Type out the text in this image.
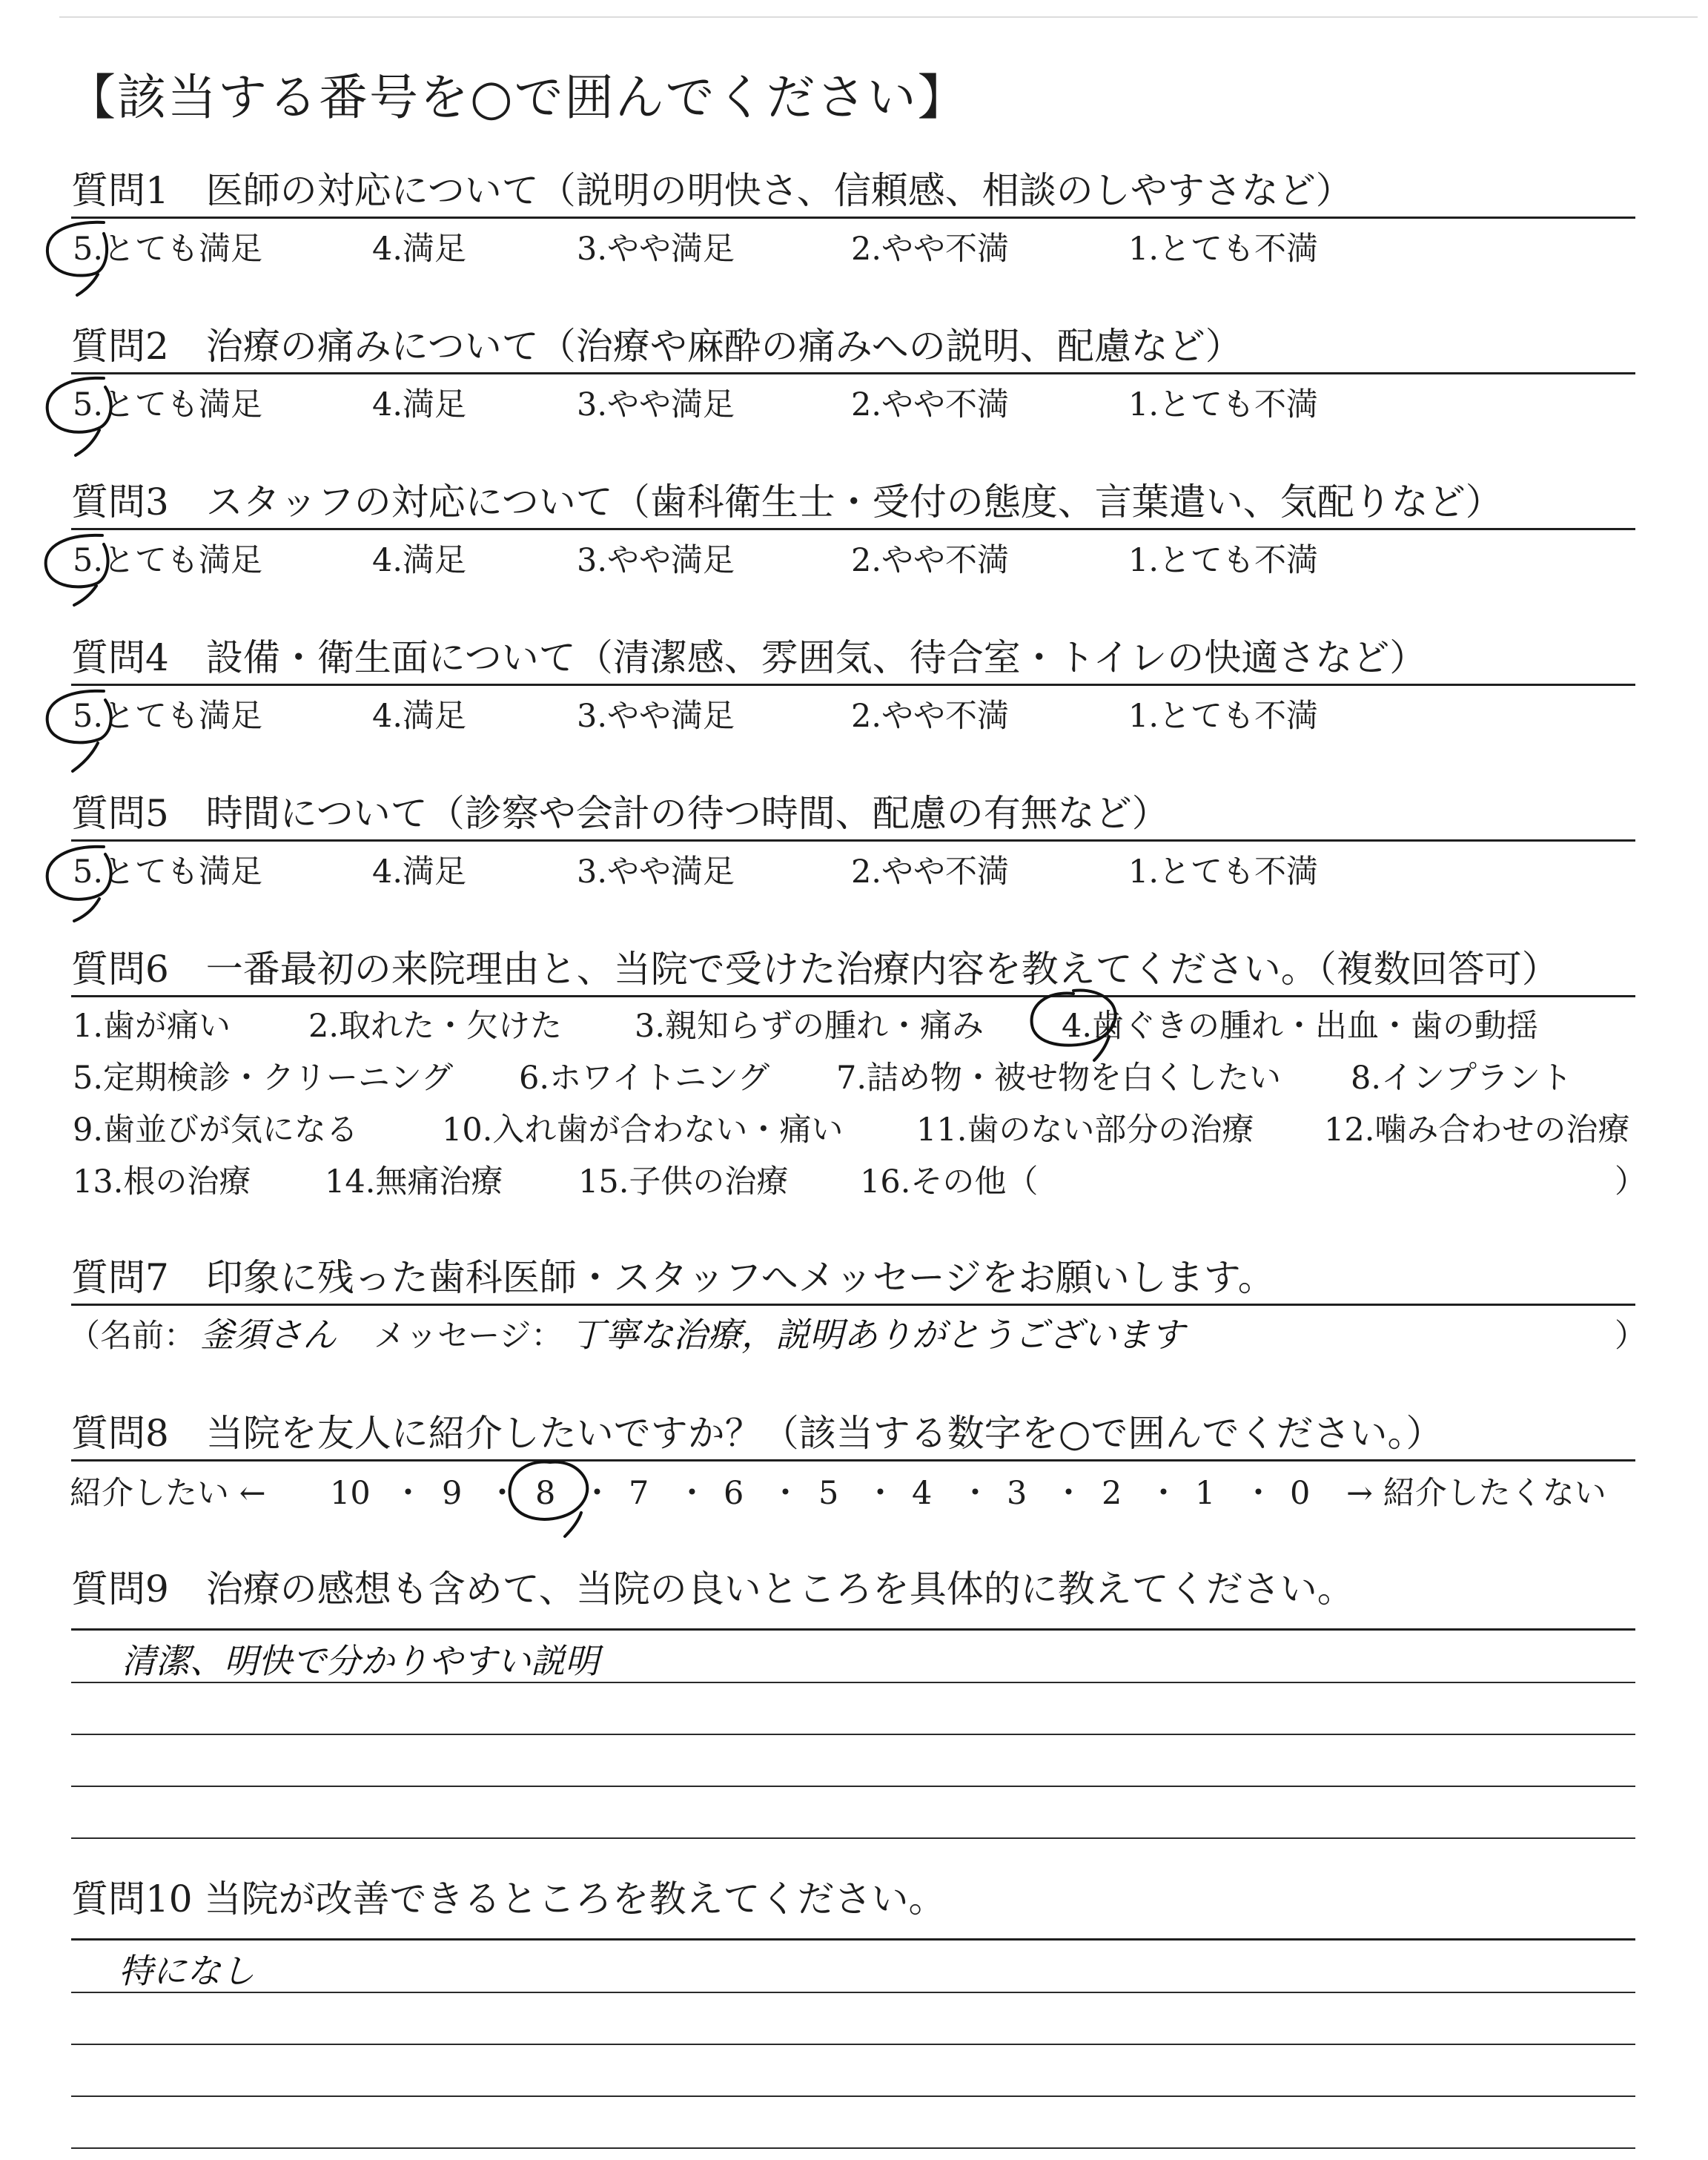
【該当する番号を○で囲んでください】
質問1　医師の対応について（説明の明快さ、信頼感、相談のしやすさなど）
5.とても満足	4.満足	3.やや満足	2.やや不満	1.とても不満
質問2　治療の痛みについて（治療や麻酔の痛みへの説明、配慮など）
5.とても満足	4.満足	3.やや満足	2.やや不満	1.とても不満
質問3　スタッフの対応について（歯科衛生士・受付の態度、言葉遣い、気配りなど）
5.とても満足	4.満足	3.やや満足	2.やや不満	1.とても不満
質問4　設備・衛生面について（清潔感、雰囲気、待合室・トイレの快適さなど）
5.とても満足	4.満足	3.やや満足	2.やや不満	1.とても不満
質問5　時間について（診察や会計の待つ時間、配慮の有無など）
5.とても満足	4.満足	3.やや満足	2.やや不満	1.とても不満
質問6　一番最初の来院理由と、当院で受けた治療内容を教えてください。（複数回答可）
1.歯が痛い 2.取れた・欠けた 3.親知らずの腫れ・痛み 4.歯ぐきの腫れ・出血・歯の動揺
5.定期検診・クリーニング 6.ホワイトニング 7.詰め物・被せ物を白くしたい 8.インプラント
9.歯並びが気になる	10.入れ歯が合わない・痛い 11.歯のない部分の治療 12.噛み合わせの治療
13.根の治療 14.無痛治療 15.子供の治療 16.その他（	）
質問7　印象に残った歯科医師・スタッフへメッセージをお願いします。
（名前： 釜須さん メッセージ： 丁寧な治療，説明ありがとうございます	）
質問8　当院を友人に紹介したいですか？（該当する数字を○で囲んでください。）
紹介したい ← 10 ・ 9 ・ 8 ・ 7 ・ 6 ・ 5 ・ 4 ・ 3 ・ 2 ・ 1 ・ 0 → 紹介したくない
質問9　治療の感想も含めて、当院の良いところを具体的に教えてください。
清潔、明快で分かりやすい説明
質問10 当院が改善できるところを教えてください。
特になし
